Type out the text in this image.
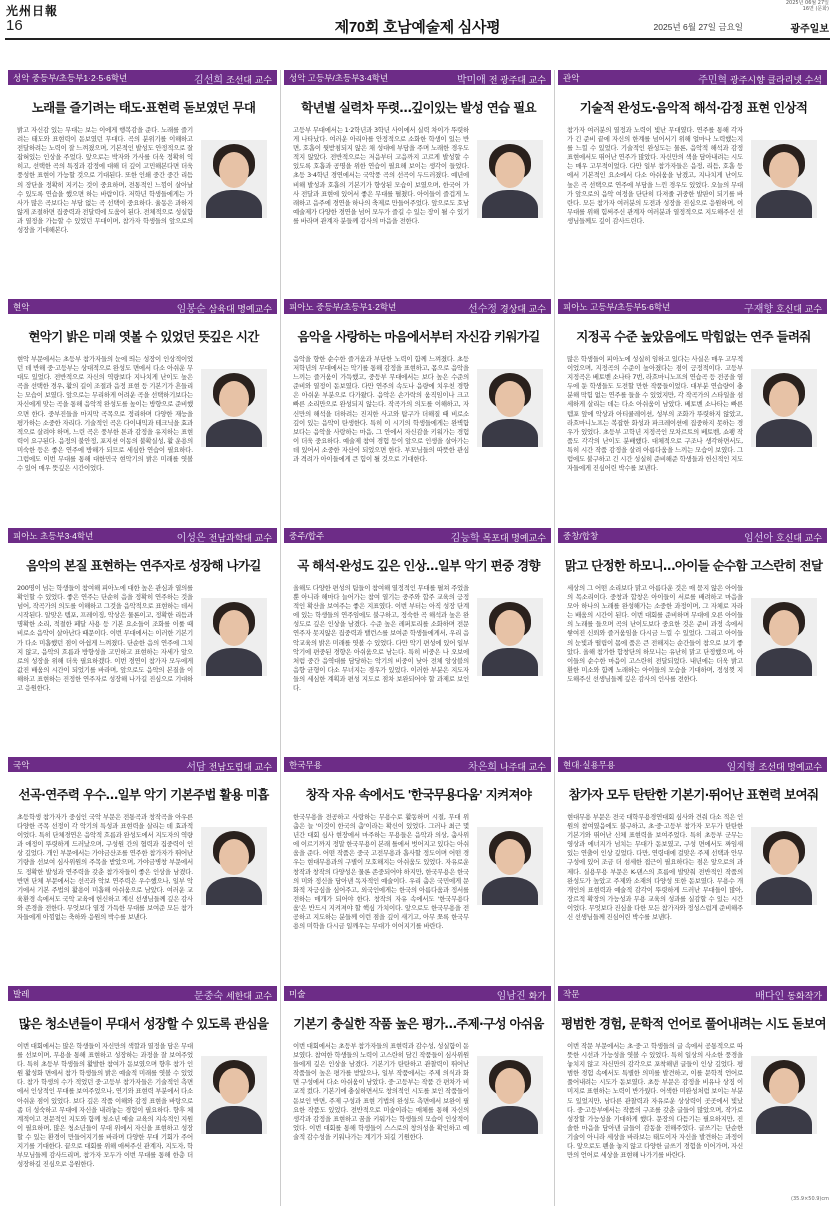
光州日報
2025년 06월 27일
16면 (문화)
16	제70회 호남예술제 심사평	2025년 6월 27일 금요일	광주일보
성악 중등부/초등부1·2·5·6학년	김선희 조선대 교수
노래를 즐기려는 태도·표현력 돋보였던 무대
밝고 자신감 있는 무대는 보는 이에게 행복감을 준다. 노래를 즐기려는 태도와 표현력이 돋보였던 무대다. 곡의 분위기를 이해하고 전달하려는 노력이 잘 느껴졌으며, 기본적인 발성도 안정적으로 잘 잡혀있는 인상을 주었다. 앞으로는 박자와 가사를 더욱 정확히 익히고, 선택한 곡의 특징과 감정에 대해 더 깊이 고민해본다면 더욱 풍성한 표현이 가능할 것으로 기대된다. 또한 인쇄 중간 중간 리듬의 장단을 정확히 지키는 것이 중요하며, 전통적인 느낌이 살아날 수 있도록 연습을 했으면 하는 바람이다. 저학년 학생들에게는 가사가 많은 곡보다는 부담 없는 곡 선택이 중요하다. 율동은 과하지 않게 조절하면 집중력과 전달력에 도움이 된다. 전체적으로 성실함과 열정을 가늠할 수 있었던 무대이며, 참가자 학생들의 앞으로의 성장을 기대해본다.
성악 고등부/초등부3·4학년	박미애 전 광주대 교수
학년별 실력차 뚜렷…깊이있는 발성 연습 필요
고등부 무대에서는 1·2학년과 3학년 사이에서 실력 차이가 뚜렷하게 나타났다. 여러운 아리아를 안정적으로 소화한 학생이 있는 반면, 호흡이 뒷받침되지 않은 채 성대에 부담을 주며 노래한 경우도 적지 않았다. 전반적으로는 저음부터 고음까지 고르게 발성할 수 있도록 호흡과 공명을 위한 연습이 필요해 보이는 생각이 들었다. 초등 3·4학년 경연에서는 국악풍 곡의 선곡이 두드러졌다. 예년에 비해 발성과 호흡의 기본기가 향상된 모습이 보였으며, 한국어 가사 전달과 표현에 있어서 좋은 무대를 펼쳤다. 아이들이 즐겁게 노래하고 음주에 경연을 하나의 축제로 만들어주었다. 앞으로도 호남예술제가 다양한 경연을 넘어 모두가 즐길 수 있는 장이 될 수 있기를 바라며 관계자 분들께 감사의 마음을 전한다.
관악	주민혁 광주시향 클라리넷 수석
기술적 완성도·음악적 해석·감정 표현 인상적
참가자 여러분의 열정과 노력이 빛난 무대였다. 연주를 통해 각자가 긴 준비 끝에 자신의 한계를 넘어서기 위해 얼마나 노력했는지를 느낄 수 있었다. 기술적인 완성도는 물론, 음악적 해석과 감정 표현에서도 뛰어난 연주가 많았다. 자신만의 색을 담아내려는 시도는 매우 고무적이었다. 다만 일부 참가자들은 음정, 리듬, 호흡 등에서 기본적인 요소에서 다소 아쉬움을 남겼고, 지나치게 난이도 높은 곡 선택으로 연주에 부담을 느낀 경우도 있었다. 오늘의 무대가 앞으로의 음악 여정을 단단히 다져줄 귀중한 발판이 되기를 바란다. 모든 참가자 여러분의 도전과 성장을 진심으로 응원하며, 이 무대를 위해 힘써주신 관계자 여러분과 열정적으로 지도해주신 선생님들께도 깊이 감사드린다.
현악	임봉순 삼육대 명예교수
현악기 밝은 미래 엿볼 수 있었던 뜻깊은 시간
현악 부문에서는 초등부 참가자들의 눈에 띄는 성장이 인상적이었던 데 반해 중·고등부는 상대적으로 완성도 면에서 다소 아쉬운 무대도 있었다. 전반적으로 자신의 역량보다 지나치게 난이도 높은 곡을 선택한 경우, 활의 길이 조절과 음정 표현 등 기본기가 흔들리는 모습이 보였다. 앞으로는 무리하게 어려운 곡을 선택하기보다는 자신에게 맞는 곡을 통해 음악적 완성도를 높이는 방향으로 준비했으면 한다. 중부진들을 마지막 곡목으로 정리하며 다양한 재능을 평가하는 소중한 자리다. 기술적인 곡은 다이내믹과 테크닉을 효과적으로 살려야 하며, 느린 곡은 풍부한 톤과 감정을 유지하는 표현력이 요구된다. 음정의 불안정, 포지션 이동의 불확실성, 활 운용의 미숙한 등은 좋은 연주에 방해가 되므로 세심한 연습이 필요하다. 그럼에도 이번 무대를 통해 대한민국 현악기의 밝은 미래를 엿볼 수 있어 매우 뜻깊은 시간이었다.
피아노 중등부/초등부1·2학년	선수정 경상대 교수
음악을 사랑하는 마음에서부터 자신감 키워가길
음악을 향한 순수한 즐거움과 부단한 노력이 함께 느껴졌다. 초등 저학년의 무대에서는 악기를 통해 감정을 표현하고, 몸으로 음악을 느끼는 즐거움이 가득했고, 중등부 무대에서는 보다 높은 수준의 준비와 열정이 돋보였다. 다만 연주의 속도나 음량에 치우친 경향은 아쉬운 부분으로 다가왔다. 음악은 손가락의 움직임이나 크고 빠른 소리만으로 완성되지 않는다. 작곡가의 의도를 이해하고, 자신만의 해석을 더하려는 진지한 사고와 탐구가 더해질 때 비로소 깊이 있는 음악이 탄생한다. 특히 이 시기의 학생들에게는 완벽함보다는 음악을 사랑하는 마음, 그 안에서 자신감을 키워가는 경험이 더욱 중요하다. 예술제 참여 경험 등이 앞으로 인생을 살아가는 데 있어서 소중한 자산이 되었으면 한다. 부모님들의 따뜻한 관심과 격려가 아이들에게 큰 힘이 될 것으로 기대한다.
피아노 고등부/초등부5·6학년	구재향 호신대 교수
지정곡 수준 높았음에도 막힘없는 연주 들려줘
많은 학생들이 피아노에 성실히 임하고 있다는 사실은 매우 고무적이었으며, 지정곡의 수준이 높아졌다는 점이 긍정적이다. 고등부 지정곡은 베토벤 소나타 7번, 라흐마니노프의 연습곡 등 전공을 염두에 둔 학생들도 도전할 만한 작품들이었다. 대부분 연습량이 충분해 막힘 없는 연주를 들을 수 있었지만, 각 작곡가의 스타일을 섬세하게 살리는 데는 다소 아쉬움이 남았다. 베토벤 소나타는 빠른 템포 앞에 악상과 아티큘레이션, 성부의 조화가 뚜렷하지 않았고, 라흐마니노프는 복잡한 화성과 파크레이션에 집중하지 못하는 경우가 있었다. 초등부 고학년 지정곡인 모차르트의 베토벤, 쇼팽 작품도 각각의 난이도 분배했다. 대체적으로 구조나 생각하면서도, 특히 시간 작품 감정을 살려 아름다움을 느끼는 모습이 보였다. 그럼에도 불구하고 긴 시간 성실히 준비해준 학생들과 헌신적인 지도자들에게 진심어린 박수를 보낸다.
피아노 초등부3·4학년	이성은 전남과학대 교수
음악의 본질 표현하는 연주자로 성장해 나가길
200명이 넘는 학생들이 참여해 피아노에 대한 높은 관심과 열의를 확인할 수 있었다. 좋은 연주는 단순히 음을 정확히 연주하는 것을 넘어, 작곡가의 의도를 이해하고 그것을 음악적으로 표현하는 데서 시작된다. 알맞은 템포, 프레이징, 악상은 물론이고, 정확한 리듬과 명확한 소리, 적절한 페달 사용 등 기본 요소들이 조화를 이룰 때 비로소 음악이 살아난다 때문이다. 이번 무대에서는 이러한 기본기가 다소 미흡했던 점이 아쉽게 느껴졌다. 단순한 음의 연주에 그치지 않고, 음악의 흐름과 방향성을 고민하고 표현하는 자세가 앞으로의 성장을 위해 더욱 필요하겠다. 이번 경연이 참가자 모두에게 값진 배움의 시간이 되었기를 바라며, 앞으로도 음악의 본질을 이해하고 표현하는 진정한 연주자로 성장해 나가길 진심으로 기대하고 응원한다.
중주/합주	김능학 목포대 명예교수
곡 해석·완성도 깊은 인상…일부 악기 편중 경향
올해도 다양한 편성의 팀들이 참여해 열정적인 무대를 펼쳐 주었을 뿐 아니라 해마다 늘어가는 참여 열기는 중주와 합주 교육의 긍정적인 확산을 보여주는 좋은 지표였다. 이번 부터는 아직 성장 단계에 있는 학생들의 연주임에도 불구하고, 정숙한 곡 해석과 높은 완성도로 깊은 인상을 남겼다. 수준 높은 레퍼토리를 소화하며 전문 연주자 못지않은 집중력과 밸런스를 보여준 학생들에게서, 우리 음악교육의 밝은 미래를 엿볼 수 있었다. 다만 악기 편성에 있어 일부 악기에 편중된 경향은 아쉬움으로 남는다. 특히 비중은 나 오보에처럼 중간 음역대를 담당하는 악기의 비중이 낮아 전체 앙상블의 음향 균형이 다소 무너지는 경우가 있었다. 이러한 부분은 지도자들의 세심한 계획과 편성 지도로 점차 보완되어야 할 과제로 보인다.
중창/합창	임선아 호신대 교수
맑고 단정한 하모니…아이들 순수함 고스란히 전달
세상의 그 어떤 소리보다 맑고 아름다운 것은 매 묻지 않은 아이들의 목소리이다. 중창과 합창은 아이들이 서로를 배려하고 마음을 모아 하나의 노래를 완성해가는 소중한 과정이며, 그 자체로 자라는 배움의 시간이 된다. 이번 대회를 준비하며 무대에 오른 아이들의 노래를 들으며 곡의 난이도보다 중요한 것은 준비 과정 속에서 쌓여진 신뢰와 즐거움임을 다시금 느낄 수 있었다. 그리고 아이들의 눈빛과 떨림이 몸에 품은 큰 전해지는 순간들이 참으로 보기 좋았다. 올해 참가한 합창단의 하모니는 유난히 맑고 단정했으며, 아이들의 순수한 마음이 고스란히 전달되었다. 내년에는 더욱 밝고 환한 미소와 함께 노래하는 아이들의 모습을 기대하며, 정성껏 지도해주신 선생님들께 깊은 감사의 인사를 전한다.
국악	서담 전남도립대 교수
선곡·연주력 우수…일부 악기 기본주법 활용 미흡
초등학생 참가자가 중심인 국악 부문은 전통곡과 창작곡을 아우른 다양한 곡목 선정이 각 악기의 특성과 표현력을 살리는 데 효과적이었다. 특히 단체경연은 음악적 흐름과 완성도에서 지도자의 역량과 애정이 뚜렷하게 드러났으며, 구성원 간의 협력과 집중력이 인상 깊었다. 개인 부문에서는 가야금산조를 연주한 참가자가 뛰어난 기량을 선보여 심사위원의 주목을 받았으며, 가야금병창 부문에서도 정확한 발성과 연주력을 갖춘 참가자들이 좋은 인상을 남겼다. 반면 단체 부문에서는 선곡과 악보 연주력은 우수했으나, 일부 악기에서 기본 주법의 활용이 미흡해 아쉬움으로 남았다. 여러운 교육환경 속에서도 국악 교육에 헌신하고 계신 선생님들께 깊은 감사와 존경을 전한다. 무엇보다 열정 가득한 무대를 보여준 모든 참가자들에게 아낌없는 축하와 응원의 박수를 보낸다.
한국무용	차은희 나주대 교수
창작 자유 속에서도 '한국무용다움' 지켜져야
한국무용을 전공하고 사랑하는 무용수로 활동하며 시절, 무대 위 춤은 늘 '이것이 한국의 춤'이라는 확신이 있었다. 그러나 최근 몇 년간 대회 심사 현장에서 마주하는 무용들은 음악과 의상, 춤사위에 이르기까지 정말 한국무용이 본래 틀에서 벗어지고 있다는 아쉬움을 준다. 어떤 작품은 중국 고전무용과 흡사할 정도이며 어떤 경우는 현대무용과의 구별이 모호해지는 아쉬움도 있었다. 자유로운 창작과 창작의 다양성은 물론 존중되어야 하지만, 한국무용은 한국의 미와 정신을 담아낸 독자적인 예술이다. 우리 춤은 국민에게 문화적 자긍심을 심어주고, 외국인에게는 한국의 아름다움과 정서를 전하는 매개가 되어야 한다. 창작의 자유 속에서도 '한국무용다움'은 반드시 지켜져야 할 핵심 가치이다. 앞으로도 한국무용을 전공하고 지도하는 분들께 이런 점을 깊이 새기고, 아무 쪼록 한국무용의 미학을 다시금 일깨우는 무대가 이어지기를 바란다.
현대·실용무용	임지형 조선대 명예교수
참가자 모두 탄탄한 기본기·뛰어난 표현력 보여줘
현대무용 부문은 전국 대학무용경연대회 심사와 견줘 다소 적은 인원의 참여였음에도 불구하고, 초·중·고등부 참가자 모두가 탄탄한 기본기와 뛰어난 신체 표현력을 보여주었다. 특히 초등부 군무는 영상과 에너지가 넘치는 무대가 돋보였고, 구성 면에서도 짜임새 있는 연출이 인상 깊었다. 다만, 연령대에 걸맞은 주제 선택과 안무 구성에 있어 조금 더 섬세한 접근이 필요하다는 점은 앞으로의 과제다. 실용무용 부문은 K-댄스의 흐름에 발맞춰 전반적인 작품의 완성도가 높았고 주제와 소재의 다양성 또한 돋보였다. 무용수 개개인의 표현력과 예술적 감각이 뚜렷하게 드러난 무대들이 많아, 장르적 확장의 가능성과 무용 교육의 성과를 실감할 수 있는 시간이었다. 무엇보다 진심을 다한 모든 참가자와 정성스럽게 준비해주신 선생님들께 진심어린 박수를 보낸다.
발레	문중숙 세한대 교수
많은 청소년들이 무대서 성장할 수 있도록 관심을
이번 대회에서는 많은 학생들이 자신만의 색깔과 열정을 담은 무대를 선보이며, 무용을 통해 표현하고 성장하는 과정을 잘 보여주었다. 특히 초등부 학생들의 활발한 참여가 돋보였으며 향후 참가 인원 활성화 면에서 참가 학생들의 밝은 예술적 미래를 엿볼 수 있었다. 참가 학생의 수가 적었던 중·고등부 참가자들은 기술적인 측면에서 인상적인 무대를 보여주었으나, 연기와 표현력 부분에서 다소 아쉬운 점이 있었다. 보다 깊은 작품 이해와 감정 표현을 바탕으로 좀 더 성숙하고 무대에 자신을 내려놓는 경험이 필요하다. 향후 체계적이고 전문적인 지도와 함께 청소년 예술 교육의 지속적인 지원이 필요하며, 많은 청소년들이 무대 위에서 자신을 표현하고 성장할 수 있는 환경이 만들어지기를 바라며 다양한 무대 기회가 주어지기를 기대한다. 끝으로 대회를 위해 애써주신 관계자, 지도자, 학부모님들께 감사드리며, 참가자 모두가 이번 무대를 통해 한층 더 성장하길 진심으로 응원한다.
미술	임남진 화가
기본기 충실한 작품 높은 평가…주제·구성 아쉬움
이번 대회에서는 초등부 참가자들의 표현력과 감수성, 성실함이 돋보였다. 참여한 학생들의 노력이 고스란히 담긴 작품들이 심사위원들에게 깊은 인상을 남겼다. 기본기가 탄탄하고 관찰력이 뛰어난 작품들이 높은 평가를 받았으나, 일부 작품에서는 주제 의식과 화면 구성에서 다소 아쉬움이 남았다. 중·고등부는 작품 간 편차가 비교적 컸다. 기본기에 충실하면서도 창의적인 시도를 보인 작품들이 돋보인 반면, 주제 구성과 표현 기법의 완성도 측면에서 보완이 필요한 작품도 있었다. 전반적으로 미술이라는 매체를 통해 자신의 생각과 감정을 표현하고 꿈을 키워가는 학생들의 모습이 인상적이었다. 이번 대회를 통해 학생들이 스스로의 창의성을 확인하고 예술적 감수성을 키워나가는 계기가 되길 기원한다.
작문	배다인 동화작가
평범한 경험, 문학적 언어로 풀어내려는 시도 돋보여
이번 작문 부문에서는 초·중·고 학생들의 글 속에서 공통적으로 따뜻한 시선과 가능성을 엿볼 수 있었다. 특히 일상의 사소한 풍경을 놓치지 않고 자신만의 감각으로 포착해낸 글들이 인상 깊었다. 평범한 경험 속에서도 특별한 의미를 발견하고, 이를 문학적 언어로 풀어내려는 시도가 돋보였다. 초등 부문은 감정을 비유나 상징 이미지로 표현하는 노력이 반가웠다. 어색한 미완성처럼 보이는 부분도 있었지만, 남다른 관찰력과 자유로운 상상력이 곳곳에서 빛났다. 중·고등부에서는 작품의 구조를 갖춘 글들이 많았으며, 작가로 성장할 가능성을 기대하게 했다. 문장의 다듬기는 필요하지만, 진솔한 마음을 담아낸 글들이 감동을 전해주었다. 글쓰기는 단순한 기술이 아니라 세상을 바라보는 태도이자 자신을 발견하는 과정이다. 앞으로도 펜을 놓지 않고 다양한 글쓰기 경험을 이어가며, 자신만의 언어로 세상을 표현해 나가기를 바란다.
(35.9×50.9)cm
